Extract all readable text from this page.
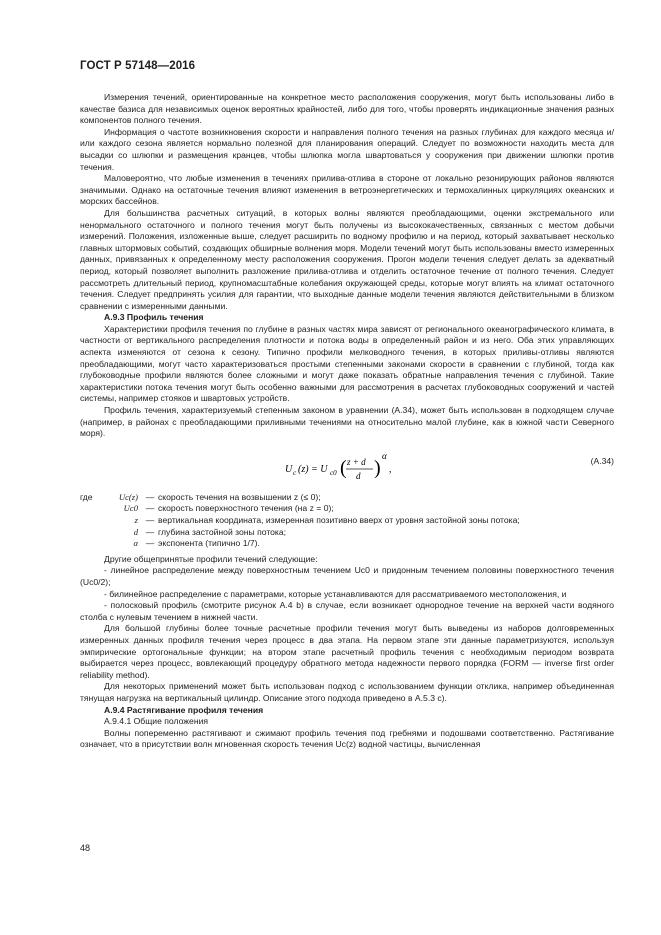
ГОСТ Р 57148—2016

Измерения течений, ориентированные на конкретное место расположения сооружения, могут быть использованы либо в качестве базиса для независимых оценок вероятных крайностей, либо для того, чтобы проверять индикационные значения разных компонентов полного течения.

Информация о частоте возникновения скорости и направления полного течения на разных глубинах для каждого месяца и/или каждого сезона является нормально полезной для планирования операций. Следует по возможности находить места для высадки со шлюпки и размещения кранцев, чтобы шлюпка могла швартоваться у сооружения при движении шлюпки против течения.

Маловероятно, что любые изменения в течениях прилива-отлива в стороне от локально резонирующих районов являются значимыми. Однако на остаточные течения влияют изменения в ветроэнергетических и термохалинных циркуляциях океанских и морских бассейнов.

Для большинства расчетных ситуаций, в которых волны являются преобладающими, оценки экстремального или ненормального остаточного и полного течения могут быть получены из высококачественных, связанных с местом добычи измерений. Положения, изложенные выше, следует расширить по водному профилю и на период, который захватывает несколько главных штормовых событий, создающих обширные волнения моря. Модели течений могут быть использованы вместо измеренных данных, привязанных к определенному месту расположения сооружения. Прогон модели течения следует делать за адекватный период, который позволяет выполнить разложение прилива-отлива и отделить остаточное течение от полного течения. Следует рассмотреть длительный период, крупномасштабные колебания окружающей среды, которые могут влиять на климат остаточного течения. Следует предпринять усилия для гарантии, что выходные данные модели течения являются действительными в близком сравнении с измеренными данными.

А.9.3 Профиль течения

Характеристики профиля течения по глубине в разных частях мира зависят от регионального океанографического климата, в частности от вертикального распределения плотности и потока воды в определенный район и из него. Оба этих управляющих аспекта изменяются от сезона к сезону. Типично профили мелководного течения, в которых приливы-отливы являются преобладающими, могут часто характеризоваться простыми степенными законами скорости в сравнении с глубиной, тогда как глубоководные профили являются более сложными и могут даже показать обратные направления течения с глубиной. Такие характеристики потока течения могут быть особенно важными для рассмотрения в расчетах глубоководных сооружений и частей системы, например стояков и швартовых устройств.

Профиль течения, характеризуемый степенным законом в уравнении (А.34), может быть использован в подходящем случае (например, в районах с преобладающими приливными течениями на относительно малой глубине, как в южной части Северного моря).

U c (z) = U c0 ( z + d
d )
α
,
(А.34)
где	Uc(z) — скорость течения на возвышении z (≤ 0);
Uc0 — скорость поверхностного течения (на z = 0);
z — вертикальная координата, измеренная позитивно вверх от уровня застойной зоны потока;
d — глубина застойной зоны потока;
α — экспонента (типично 1/7).

Другие общепринятые профили течений следующие:

- линейное распределение между поверхностным течением Uc0 и придонным течением половины поверхностного течения (Uc0/2);

- билинейное распределение с параметрами, которые устанавливаются для рассматриваемого местоположения, и

- полосковый профиль (смотрите рисунок А.4 b) в случае, если возникает однородное течение на верхней части водяного столба с нулевым течением в нижней части.

Для большой глубины более точные расчетные профили течения могут быть выведены из наборов долговременных измеренных данных профиля течения через процесс в два этапа. На первом этапе эти данные параметризуются, используя эмпирические ортогональные функции; на втором этапе расчетный профиль течения с необходимым периодом возврата выбирается через процесс, вовлекающий процедуру обратного метода надежности первого порядка (FORM — inverse first order reliability method).

Для некоторых применений может быть использован подход с использованием функции отклика, например объединенная тянущая нагрузка на вертикальный цилиндр. Описание этого подхода приведено в А.5.3 с).

А.9.4 Растягивание профиля течения

А.9.4.1 Общие положения

Волны попеременно растягивают и сжимают профиль течения под гребнями и подошвами соответственно. Растягивание означает, что в присутствии волн мгновенная скорость течения Uc(z) водной частицы, вычисленная

48
